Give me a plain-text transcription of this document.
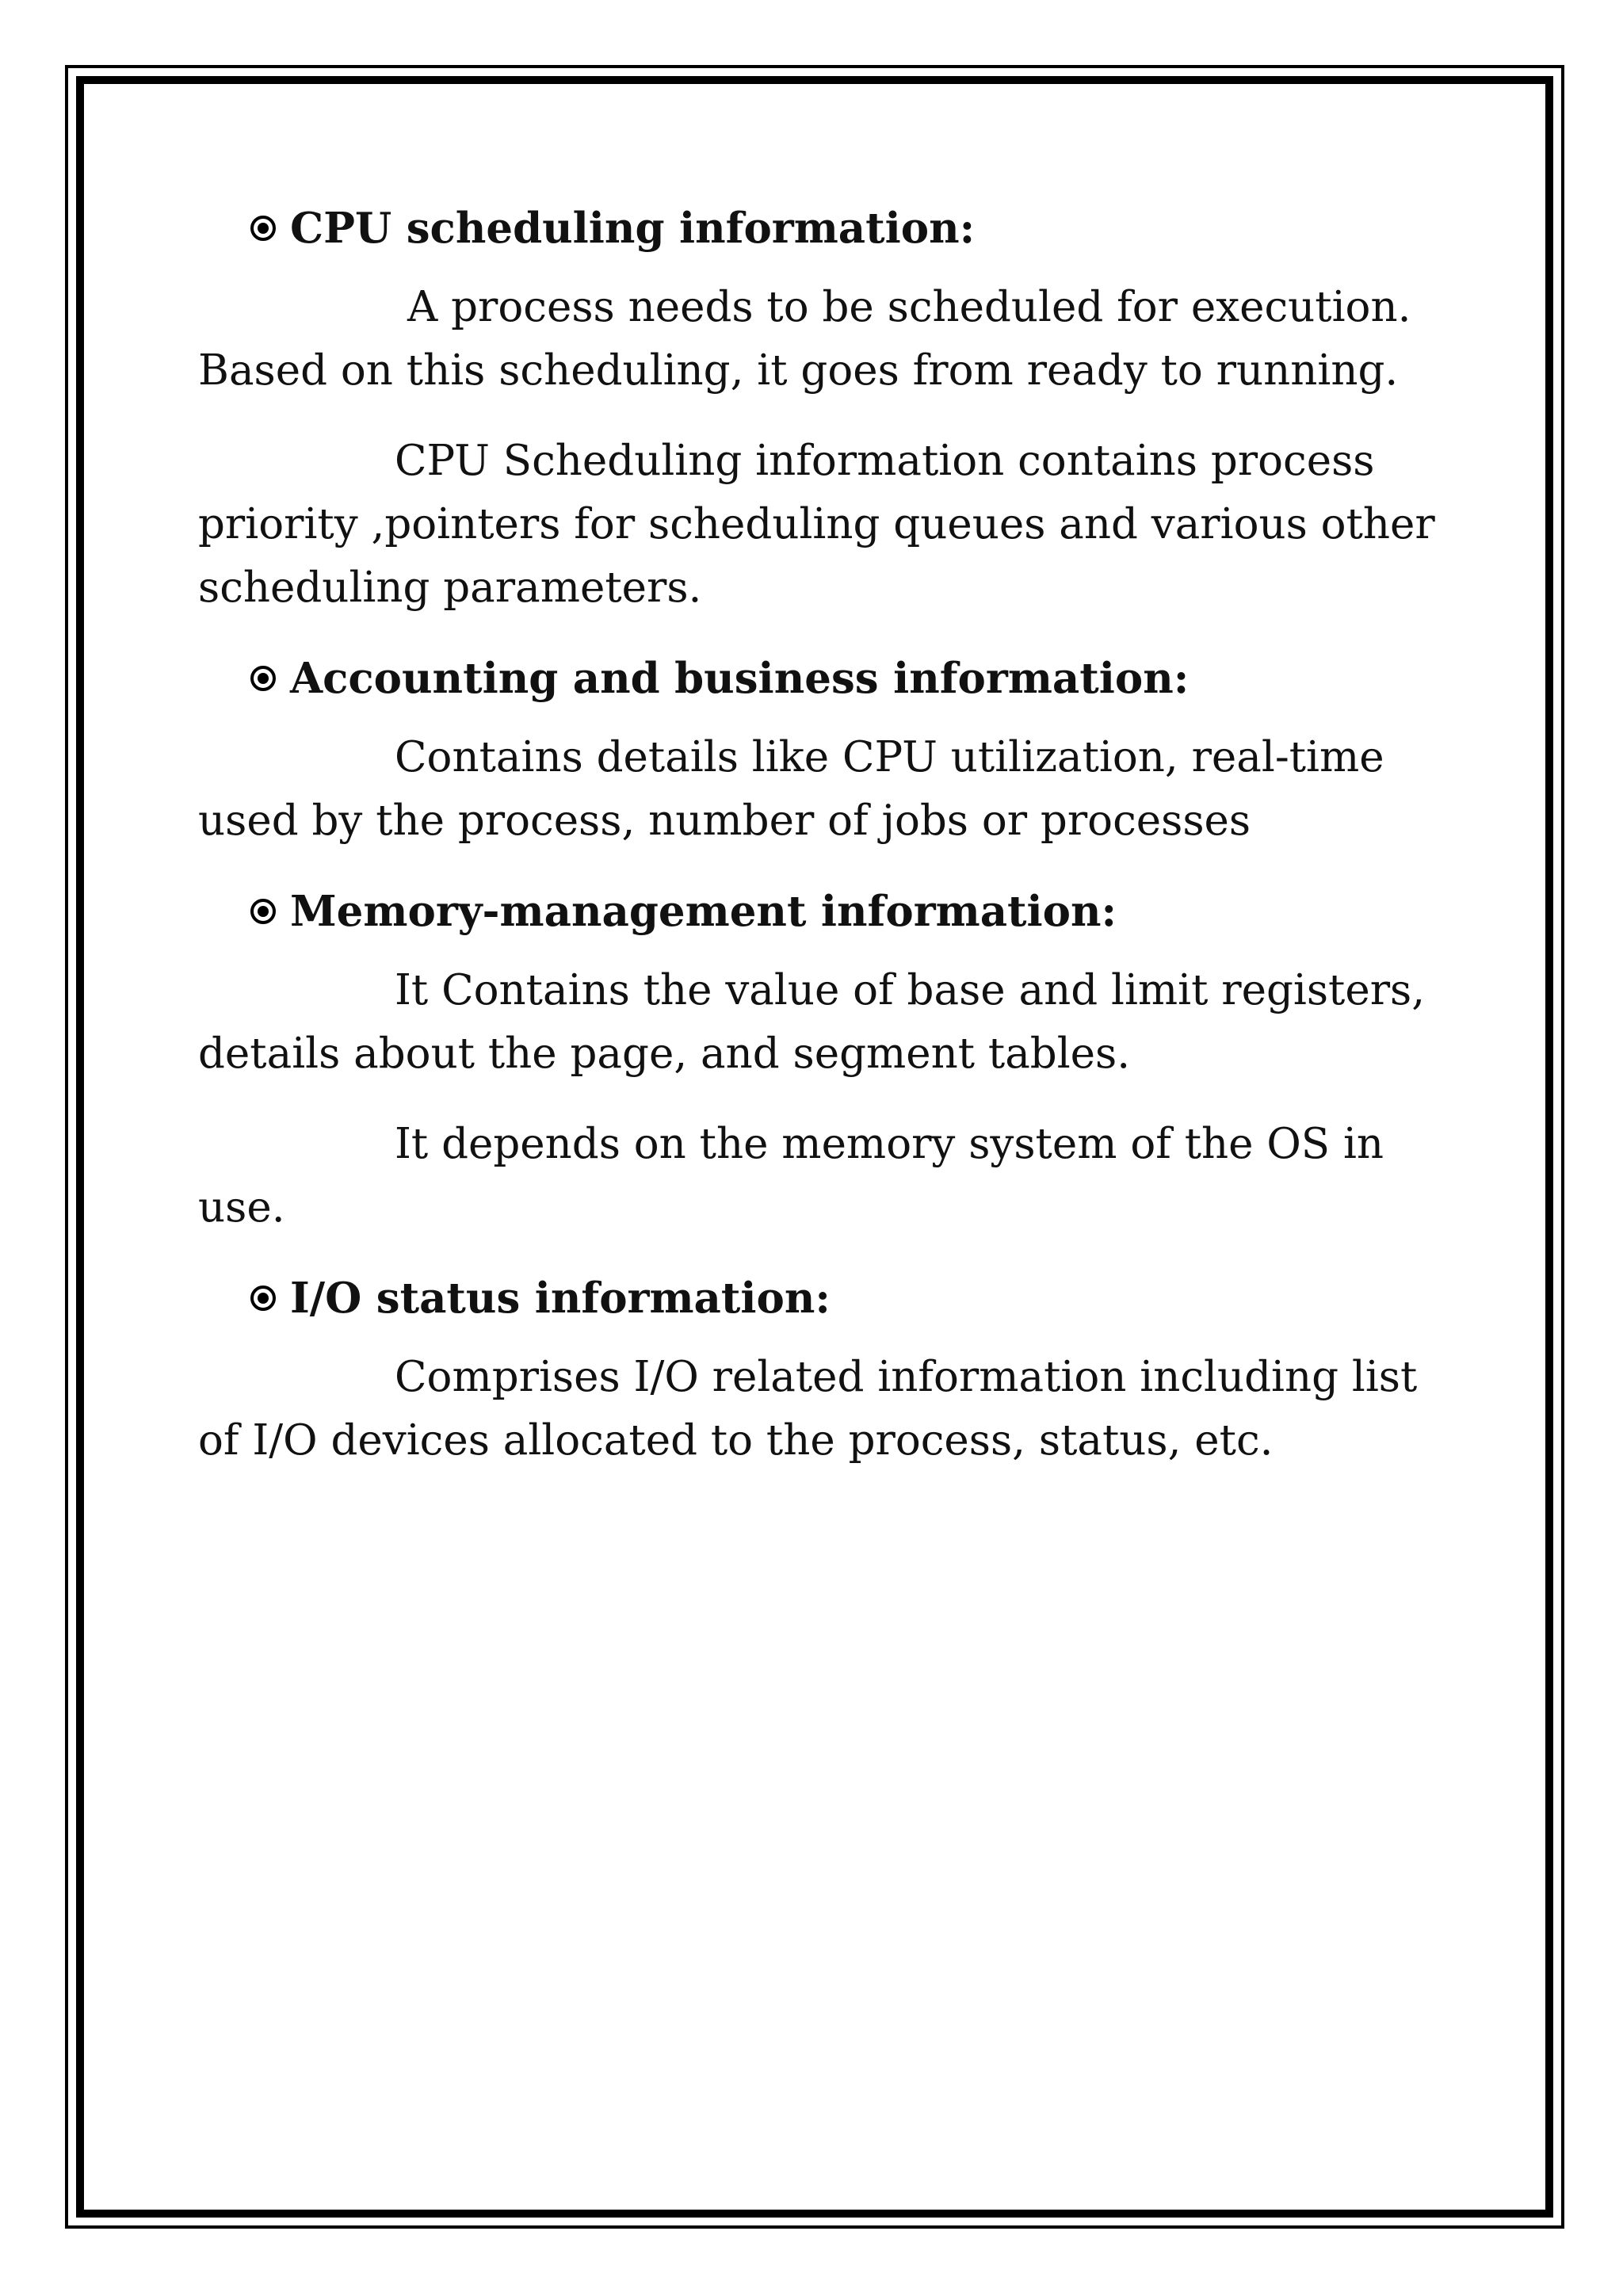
CPU scheduling information:

A process needs to be scheduled for execution. Based on this scheduling, it goes from ready to running.

CPU Scheduling information contains process priority ,pointers for scheduling queues and various other scheduling parameters.

Accounting and business information:

Contains details like CPU utilization, real-time used by the process, number of jobs or processes

Memory-management information:

It Contains the value of base and limit registers, details about the page, and segment tables.

It depends on the memory system of the OS in use.

I/O status information:

Comprises I/O related information including list of I/O devices allocated to the process, status, etc.
